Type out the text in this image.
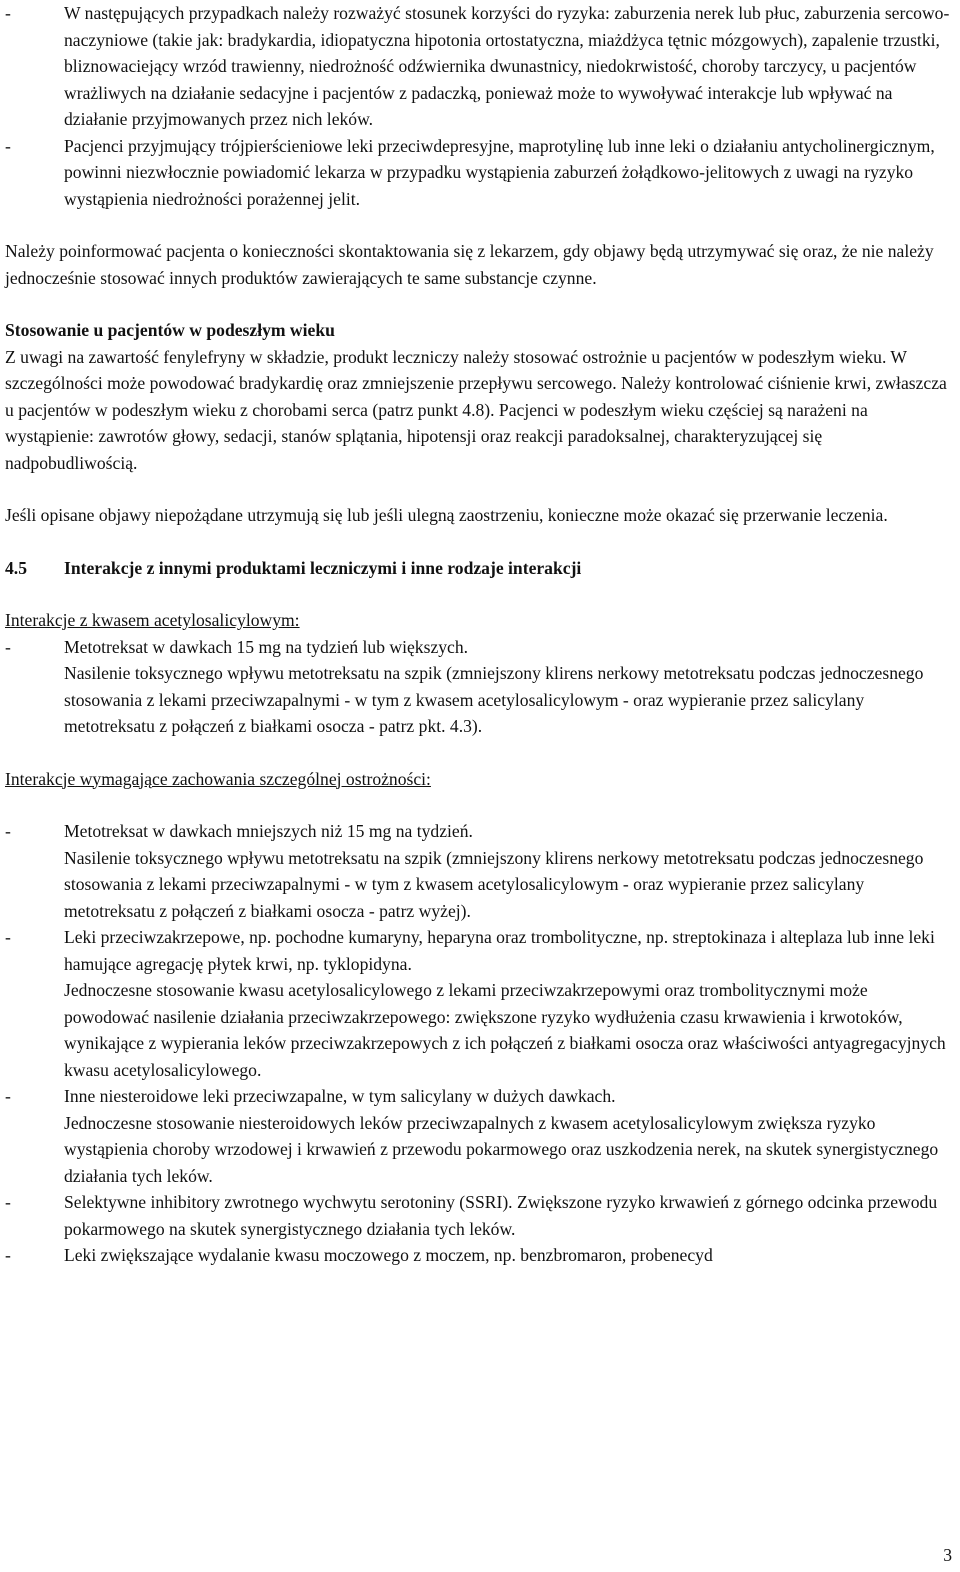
-	W następujących przypadkach należy rozważyć stosunek korzyści do ryzyka: zaburzenia nerek lub płuc, zaburzenia sercowo-naczyniowe (takie jak: bradykardia, idiopatyczna hipotonia ortostatyczna, miażdżyca tętnic mózgowych), zapalenie trzustki, bliznowaciejący wrzód trawienny, niedrożność odźwiernika dwunastnicy, niedokrwistość, choroby tarczycy, u pacjentów wrażliwych na działanie sedacyjne i pacjentów z padaczką, ponieważ może to wywoływać interakcje lub wpływać na działanie przyjmowanych przez nich leków.
-	Pacjenci przyjmujący trójpierścieniowe leki przeciwdepresyjne, maprotylinę lub inne leki o działaniu antycholinergicznym, powinni niezwłocznie powiadomić lekarza w przypadku wystąpienia zaburzeń żołądkowo-jelitowych z uwagi na ryzyko wystąpienia niedrożności porażennej jelit.

Należy poinformować pacjenta o konieczności skontaktowania się z lekarzem, gdy objawy będą utrzymywać się oraz, że nie należy jednocześnie stosować innych produktów zawierających te same substancje czynne.

Stosowanie u pacjentów w podeszłym wieku

Z uwagi na zawartość fenylefryny w składzie, produkt leczniczy należy stosować ostrożnie u pacjentów w podeszłym wieku. W szczególności może powodować bradykardię oraz zmniejszenie przepływu sercowego. Należy kontrolować ciśnienie krwi, zwłaszcza u pacjentów w podeszłym wieku z chorobami serca (patrz punkt 4.8). Pacjenci w podeszłym wieku częściej są narażeni na wystąpienie: zawrotów głowy, sedacji, stanów splątania, hipotensji oraz reakcji paradoksalnej, charakteryzującej się nadpobudliwością.

Jeśli opisane objawy niepożądane utrzymują się lub jeśli ulegną zaostrzeniu, konieczne może okazać się przerwanie leczenia.

4.5 Interakcje z innymi produktami leczniczymi i inne rodzaje interakcji

Interakcje z kwasem acetylosalicylowym:

-	Metotreksat w dawkach 15 mg na tydzień lub większych.

Nasilenie toksycznego wpływu metotreksatu na szpik (zmniejszony klirens nerkowy metotreksatu podczas jednoczesnego stosowania z lekami przeciwzapalnymi - w tym z kwasem acetylosalicylowym - oraz wypieranie przez salicylany metotreksatu z połączeń z białkami osocza - patrz pkt. 4.3).

Interakcje wymagające zachowania szczególnej ostrożności:

-	Metotreksat w dawkach mniejszych niż 15 mg na tydzień.

Nasilenie toksycznego wpływu metotreksatu na szpik (zmniejszony klirens nerkowy metotreksatu podczas jednoczesnego stosowania z lekami przeciwzapalnymi - w tym z kwasem acetylosalicylowym - oraz wypieranie przez salicylany metotreksatu z połączeń z białkami osocza - patrz wyżej).

-	Leki przeciwzakrzepowe, np. pochodne kumaryny, heparyna oraz trombolityczne, np. streptokinaza i alteplaza lub inne leki hamujące agregację płytek krwi, np. tyklopidyna.

Jednoczesne stosowanie kwasu acetylosalicylowego z lekami przeciwzakrzepowymi oraz trombolitycznymi może powodować nasilenie działania przeciwzakrzepowego: zwiększone ryzyko wydłużenia czasu krwawienia i krwotoków, wynikające z wypierania leków przeciwzakrzepowych z ich połączeń z białkami osocza oraz właściwości antyagregacyjnych kwasu acetylosalicylowego.

-	Inne niesteroidowe leki przeciwzapalne, w tym salicylany w dużych dawkach.

Jednoczesne stosowanie niesteroidowych leków przeciwzapalnych z kwasem acetylosalicylowym zwiększa ryzyko wystąpienia choroby wrzodowej i krwawień z przewodu pokarmowego oraz uszkodzenia nerek, na skutek synergistycznego działania tych leków.

-	Selektywne inhibitory zwrotnego wychwytu serotoniny (SSRI). Zwiększone ryzyko krwawień z górnego odcinka przewodu pokarmowego na skutek synergistycznego działania tych leków.
-	Leki zwiększające wydalanie kwasu moczowego z moczem, np. benzbromaron, probenecyd
3
